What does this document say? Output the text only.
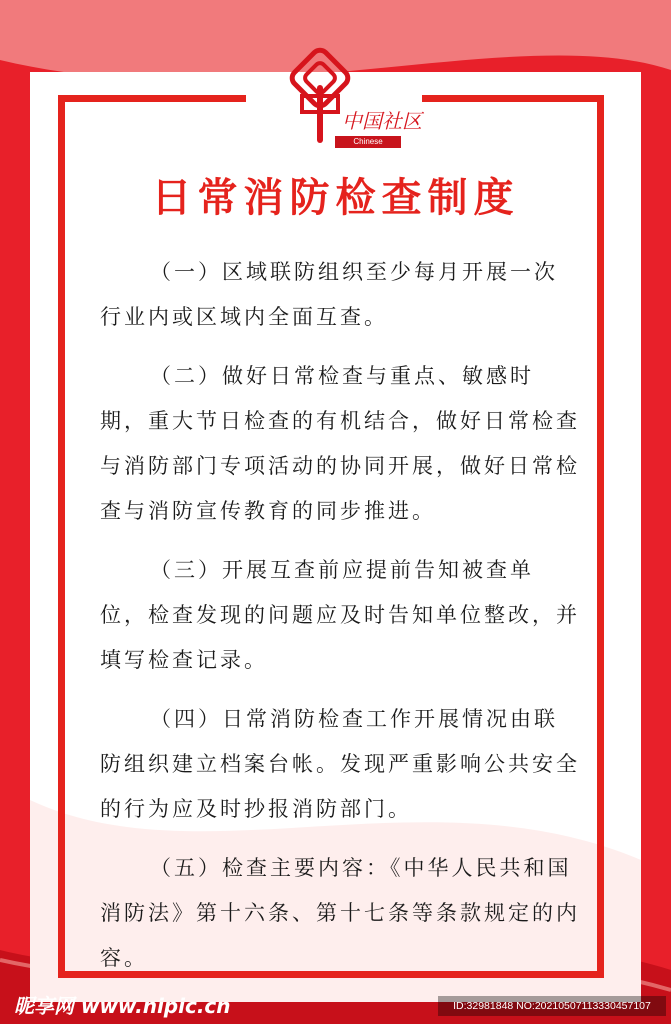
中国社区
Chinese Community
日常消防检查制度

（一）区域联防组织至少每月开展一次行业内或区域内全面互查。

（二）做好日常检查与重点、敏感时期，重大节日检查的有机结合，做好日常检查与消防部门专项活动的协同开展，做好日常检查与消防宣传教育的同步推进。

（三）开展互查前应提前告知被查单位，检查发现的问题应及时告知单位整改，并填写检查记录。

（四）日常消防检查工作开展情况由联防组织建立档案台帐。发现严重影响公共安全的行为应及时抄报消防部门。

（五）检查主要内容：《中华人民共和国消防法》第十六条、第十七条等条款规定的内容。

昵享网 www.nipic.cn	ID:32981848 NO:20210507113330457107
